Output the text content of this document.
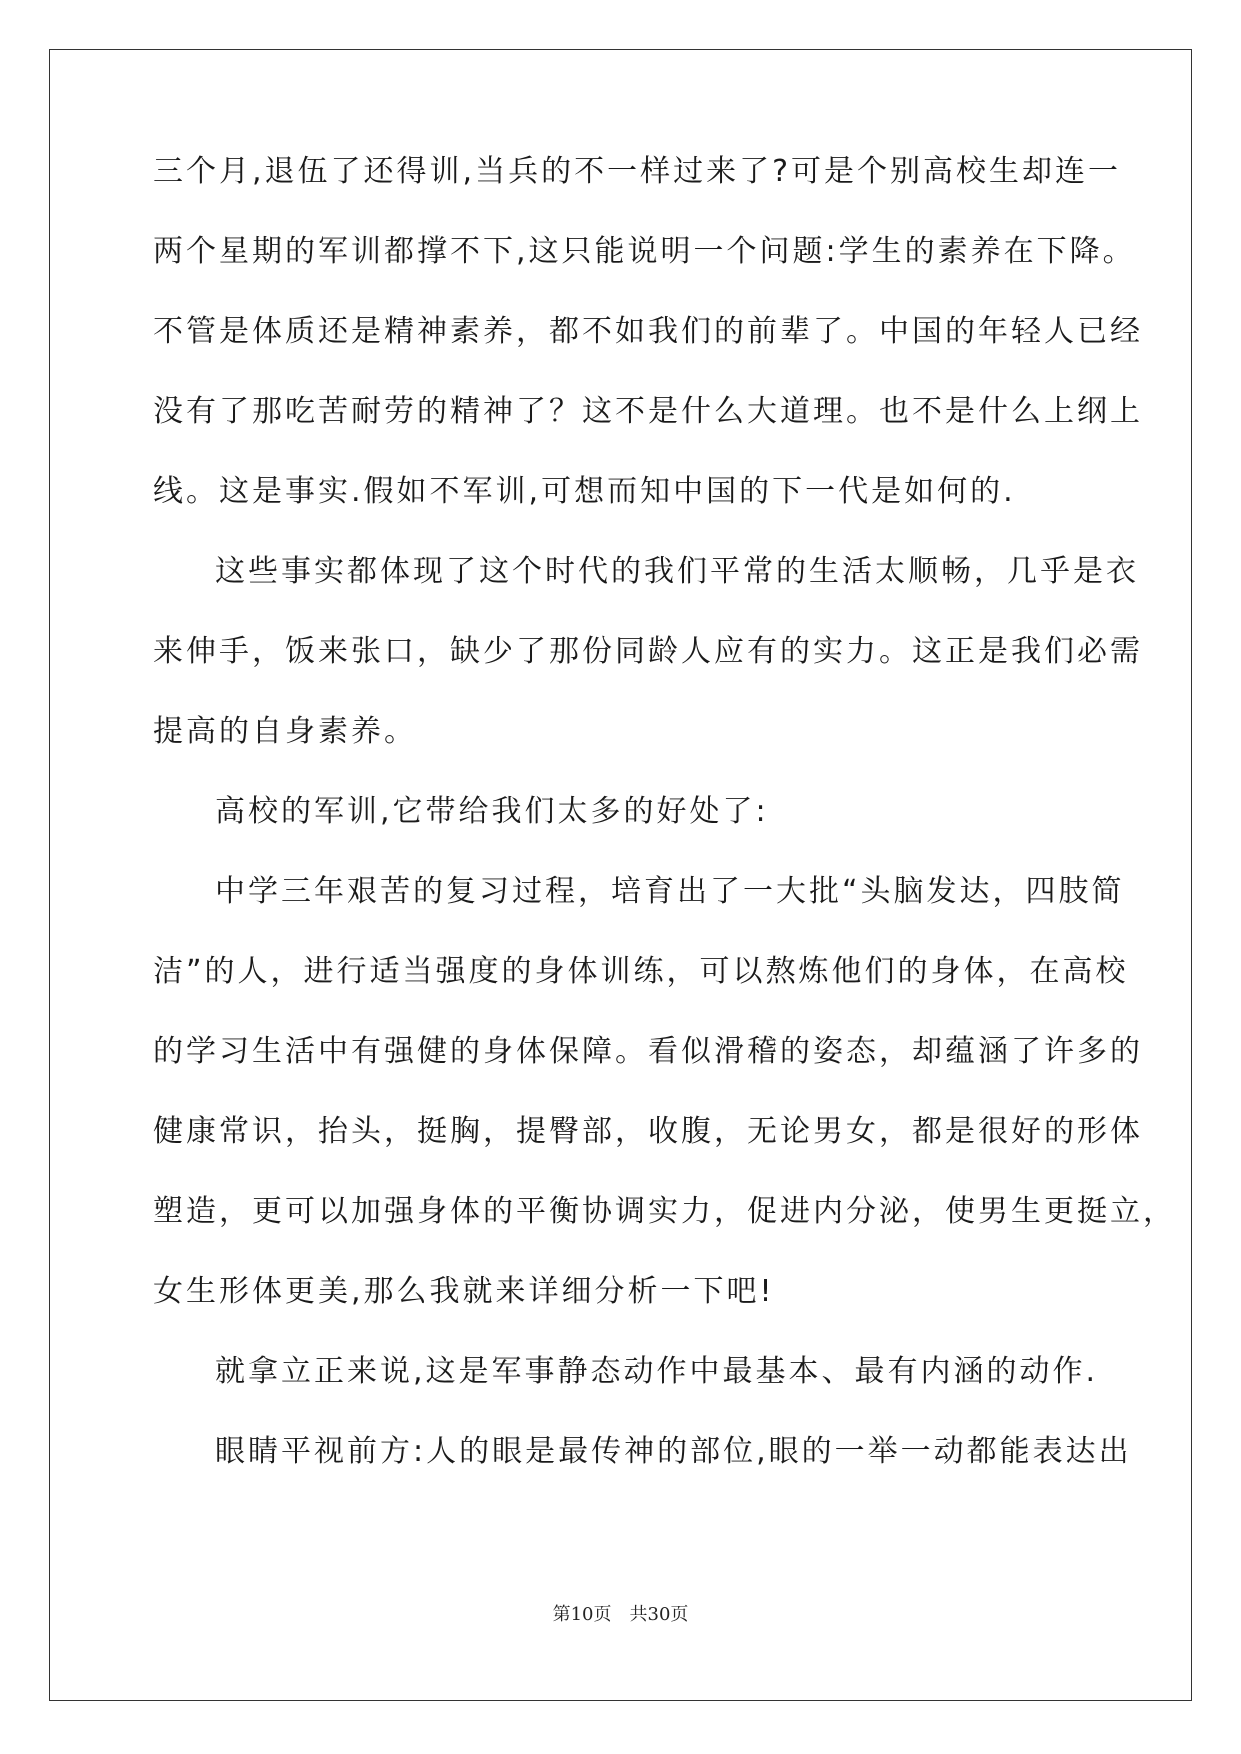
三个月,退伍了还得训,当兵的不一样过来了?可是个别高校生却连一
两个星期的军训都撑不下,这只能说明一个问题:学生的素养在下降。
不管是体质还是精神素养，都不如我们的前辈了。中国的年轻人已经
没有了那吃苦耐劳的精神了？这不是什么大道理。也不是什么上纲上
线。这是事实.假如不军训,可想而知中国的下一代是如何的.
这些事实都体现了这个时代的我们平常的生活太顺畅，几乎是衣
来伸手，饭来张口，缺少了那份同龄人应有的实力。这正是我们必需
提高的自身素养。
高校的军训,它带给我们太多的好处了:
中学三年艰苦的复习过程，培育出了一大批“头脑发达，四肢简
洁”的人，进行适当强度的身体训练，可以熬炼他们的身体，在高校
的学习生活中有强健的身体保障。看似滑稽的姿态，却蕴涵了许多的
健康常识，抬头，挺胸，提臀部，收腹，无论男女，都是很好的形体
塑造，更可以加强身体的平衡协调实力，促进内分泌，使男生更挺立，
女生形体更美,那么我就来详细分析一下吧!
就拿立正来说,这是军事静态动作中最基本、最有内涵的动作.
眼睛平视前方:人的眼是最传神的部位,眼的一举一动都能表达出
第10页 共30页
